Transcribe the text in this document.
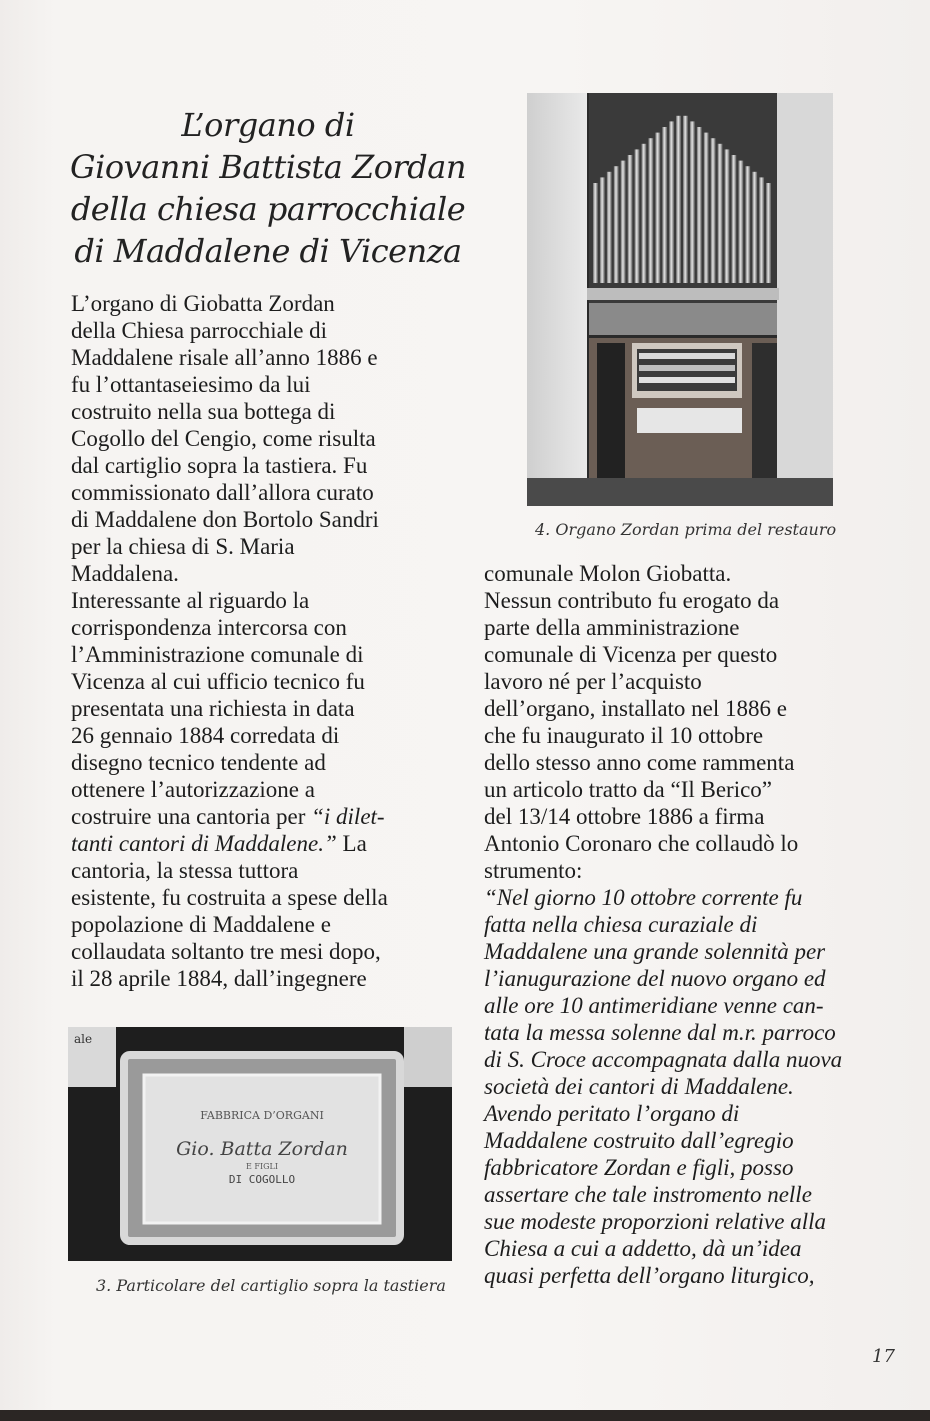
L’organo di
Giovanni Battista Zordan
della chiesa parrocchiale
di Maddalene di Vicenza
L’organo di Giobatta Zordan
della Chiesa parrocchiale di
Maddalene risale all’anno 1886 e
fu l’ottantaseiesimo da lui
costruito nella sua bottega di
Cogollo del Cengio, come risulta
dal cartiglio sopra la tastiera. Fu
commissionato dall’allora curato
di Maddalene don Bortolo Sandri
per la chiesa di S. Maria
Maddalena.
Interessante al riguardo la
corrispondenza intercorsa con
l’Amministrazione comunale di
Vicenza al cui ufficio tecnico fu
presentata una richiesta in data
26 gennaio 1884 corredata di
disegno tecnico tendente ad
ottenere l’autorizzazione a
costruire una cantoria per “i dilet-
tanti cantori di Maddalene.” La
cantoria, la stessa tuttora
esistente, fu costruita a spese della
popolazione di Maddalene e
collaudata soltanto tre mesi dopo,
il 28 aprile 1884, dall’ingegnere
4. Organo Zordan prima del restauro
comunale Molon Giobatta.
Nessun contributo fu erogato da
parte della amministrazione
comunale di Vicenza per questo
lavoro né per l’acquisto
dell’organo, installato nel 1886 e
che fu inaugurato il 10 ottobre
dello stesso anno come rammenta
un articolo tratto da “Il Berico”
del 13/14 ottobre 1886 a firma
Antonio Coronaro che collaudò lo
strumento:
“Nel giorno 10 ottobre corrente fu
fatta nella chiesa curaziale di
Maddalene una grande solennità per
l’ianugurazione del nuovo organo ed
alle ore 10 antimeridiane venne can-
tata la messa solenne dal m.r. parroco
di S. Croce accompagnata dalla nuova
società dei cantori di Maddalene.
Avendo peritato l’organo di
Maddalene costruito dall’egregio
fabbricatore Zordan e figli, posso
assertare che tale instromento nelle
sue modeste proporzioni relative alla
Chiesa a cui a addetto, dà un’idea
quasi perfetta dell’organo liturgico,
ale
FABBRICA D’ORGANI
Gio. Batta Zordan
E FIGLI
DI COGOLLO
3. Particolare del cartiglio sopra la tastiera
17
